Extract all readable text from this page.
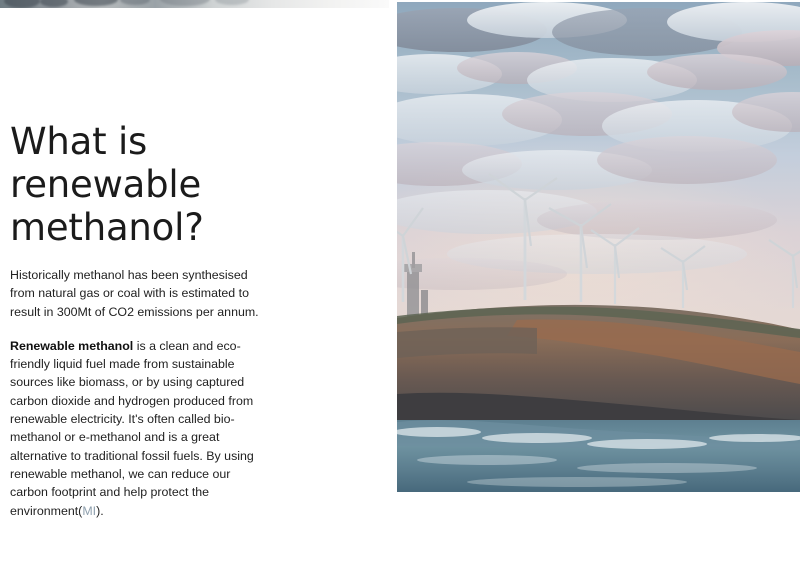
What is renewable methanol?

Historically methanol has been synthesised from natural gas or coal with is estimated to result in 300Mt of CO2 emissions per annum.

Renewable methanol is a clean and eco-friendly liquid fuel made from sustainable sources like biomass, or by using captured carbon dioxide and hydrogen produced from renewable electricity. It's often called bio-methanol or e-methanol and is a great alternative to traditional fossil fuels. By using renewable methanol, we can reduce our carbon footprint and help protect the environment(MI).
